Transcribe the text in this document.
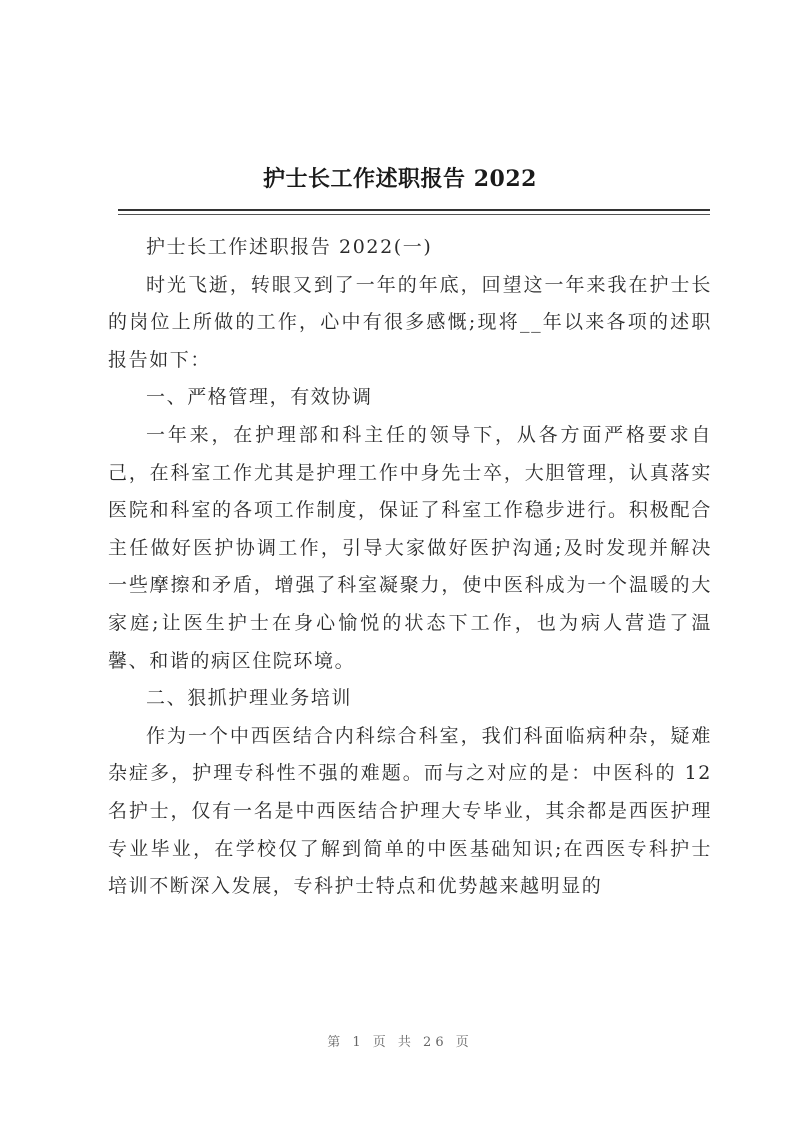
护士长工作述职报告 2022

护士长工作述职报告 2022(一)

时光飞逝，转眼又到了一年的年底，回望这一年来我在护士长的岗位上所做的工作，心中有很多感慨;现将__年以来各项的述职报告如下：

一、严格管理，有效协调

一年来，在护理部和科主任的领导下，从各方面严格要求自己，在科室工作尤其是护理工作中身先士卒，大胆管理，认真落实医院和科室的各项工作制度，保证了科室工作稳步进行。积极配合主任做好医护协调工作，引导大家做好医护沟通;及时发现并解决一些摩擦和矛盾，增强了科室凝聚力，使中医科成为一个温暖的大家庭;让医生护士在身心愉悦的状态下工作，也为病人营造了温馨、和谐的病区住院环境。

二、狠抓护理业务培训

作为一个中西医结合内科综合科室，我们科面临病种杂，疑难杂症多，护理专科性不强的难题。而与之对应的是：中医科的 12 名护士，仅有一名是中西医结合护理大专毕业，其余都是西医护理专业毕业，在学校仅了解到简单的中医基础知识;在西医专科护士培训不断深入发展，专科护士特点和优势越来越明显的

第 1 页 共 26 页
